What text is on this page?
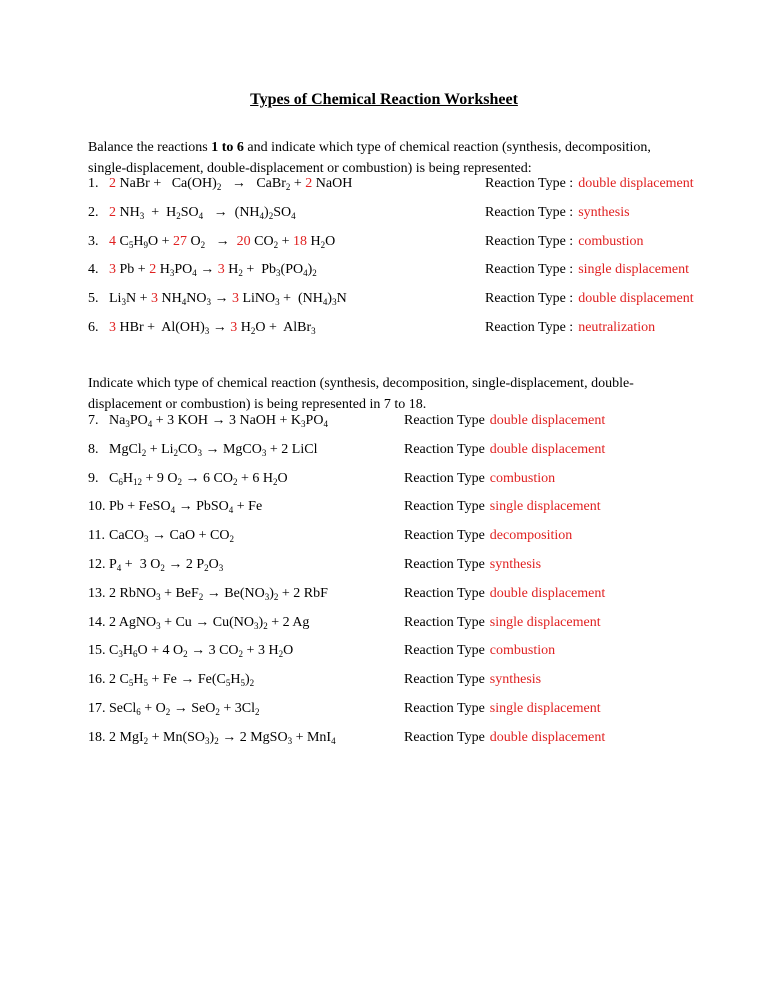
Types of Chemical Reaction Worksheet

Balance the reactions 1 to 6 and indicate which type of chemical reaction (synthesis, decomposition, single-displacement, double-displacement or combustion) is being represented:

1. 2 NaBr +   $Ca(OH)_2$   →   CaBr$_2$ + 2 NaOH	Reaction Type : double displacement
2. 2 $NH_3 + H_2SO_4 \to (NH_4)_2SO_4$	Reaction Type : synthesis
3. 4 $C_5H_9O + 27$ $O_2 \to 20$ $CO_2 + 18$ $H_2O$	Reaction Type : combustion
4. 3 Pb + 2 $H_3PO_4 \to 3$ $H_2 + Pb_3(PO_4)_2$	Reaction Type : single displacement
5. $Li_3N + 3$ $NH_4NO_3 \to 3$ LiNO$_3$ +  $(NH_4)_3N$	Reaction Type : double displacement
6. 3 HBr +  $Al(OH)_3 \to 3$ $H_2O$ +  AlBr$_3$	Reaction Type : neutralization

Indicate which type of chemical reaction (synthesis, decomposition, single-displacement, double-displacement or combustion) is being represented in 7 to 18.

7. $Na_3PO_4 + 3$ KOH → 3 NaOH + $K_3PO_4$	Reaction Type double displacement
8. MgCl$_2$ + $Li_2CO_3$ → MgCO$_3$ + 2 LiCl	Reaction Type double displacement
9. $C_6H_{12} + 9$ $O_2 \to 6$ $CO_2 + 6$ $H_2O$	Reaction Type combustion
10. Pb + FeSO$_4$ → PbSO$_4$ + Fe	Reaction Type single displacement
11. CaCO$_3$ → CaO + $CO_2$	Reaction Type decomposition
12. $P_4 + 3$ $O_2 \to 2$ $P_2O_3$	Reaction Type synthesis
13. 2 RbNO$_3$ + $BeF_2 \to Be(NO_3)_2 + 2$ RbF	Reaction Type double displacement
14. 2 AgNO$_3$ + $Cu \to Cu(NO_3)_2 + 2$ Ag	Reaction Type single displacement
15. $C_3H_6O + 4$ $O_2 \to 3$ $CO_2 + 3$ $H_2O$	Reaction Type combustion
16. 2 $C_5H_5 + Fe \to Fe(C_5H_5)_2$	Reaction Type synthesis
17. SeCl$_6$ + $O_2 \to SeO_2 + 3Cl_2$	Reaction Type single displacement
18. 2 $MgI_2 + Mn(SO_3)_2 \to 2$ MgSO$_3$ + MnI$_4$	Reaction Type double displacement
